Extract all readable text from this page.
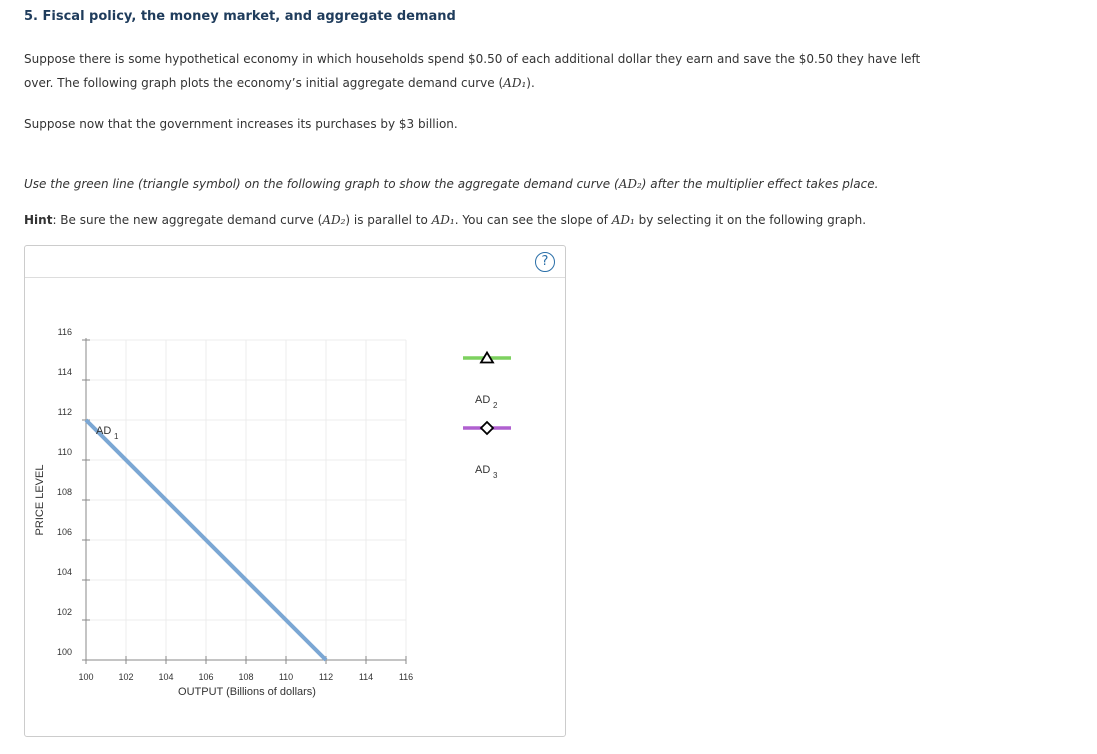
5. Fiscal policy, the money market, and aggregate demand
Suppose there is some hypothetical economy in which households spend $0.50 of each additional dollar they earn and save the $0.50 they have left
over. The following graph plots the economy’s initial aggregate demand curve (AD₁).
Suppose now that the government increases its purchases by $3 billion.
Use the green line (triangle symbol) on the following graph to show the aggregate demand curve (AD₂) after the multiplier effect takes place.
Hint: Be sure the new aggregate demand curve (AD₂) is parallel to AD₁. You can see the slope of AD₁ by selecting it on the following graph.
?
100
102
104
106
108
110
112
114
116
100	102	104	106	108	110	112	114	116
OUTPUT (Billions of dollars)
PRICE LEVEL
AD 1
AD 2
AD 3
